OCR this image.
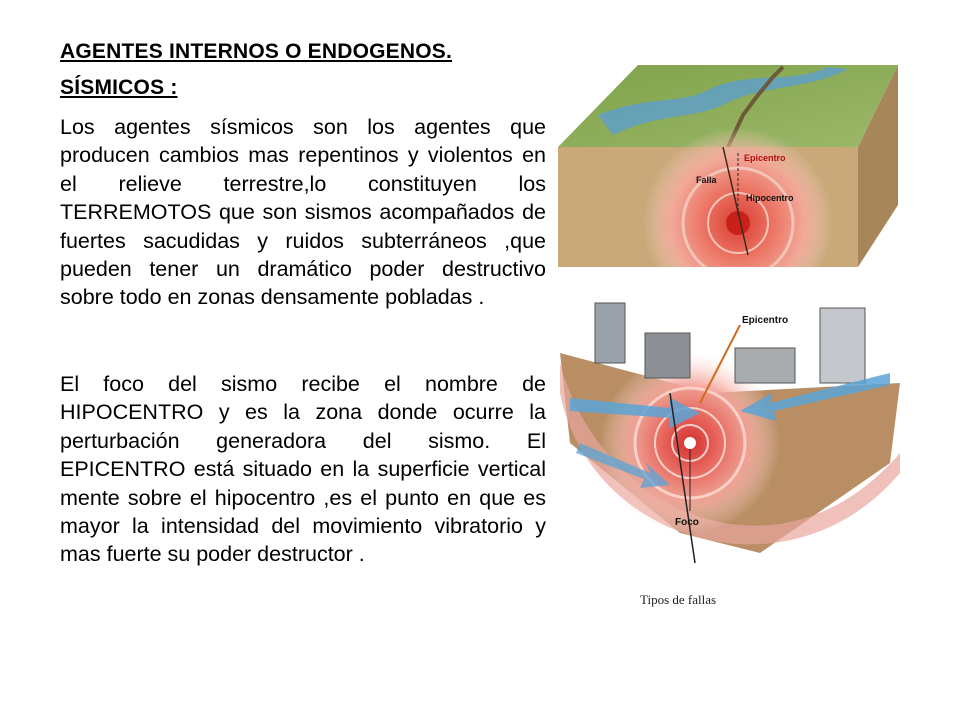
AGENTES INTERNOS O ENDOGENOS.
SÍSMICOS :
Los agentes sísmicos son los agentes que producen cambios mas repentinos y violentos en el relieve terrestre,lo constituyen los TERREMOTOS que son sismos acompañados de fuertes sacudidas y ruidos subterráneos ,que pueden tener un dramático poder destructivo sobre todo en zonas densamente pobladas .
El foco del sismo recibe el nombre de HIPOCENTRO y es la zona donde ocurre la perturbación generadora del sismo. El EPICENTRO está situado en la superficie vertical mente sobre el hipocentro ,es el punto en que es mayor la intensidad del movimiento vibratorio y mas fuerte su poder destructor .
Epicentro
Falla
Hipocentro
Epicentro
Foco
Tipos de fallas
